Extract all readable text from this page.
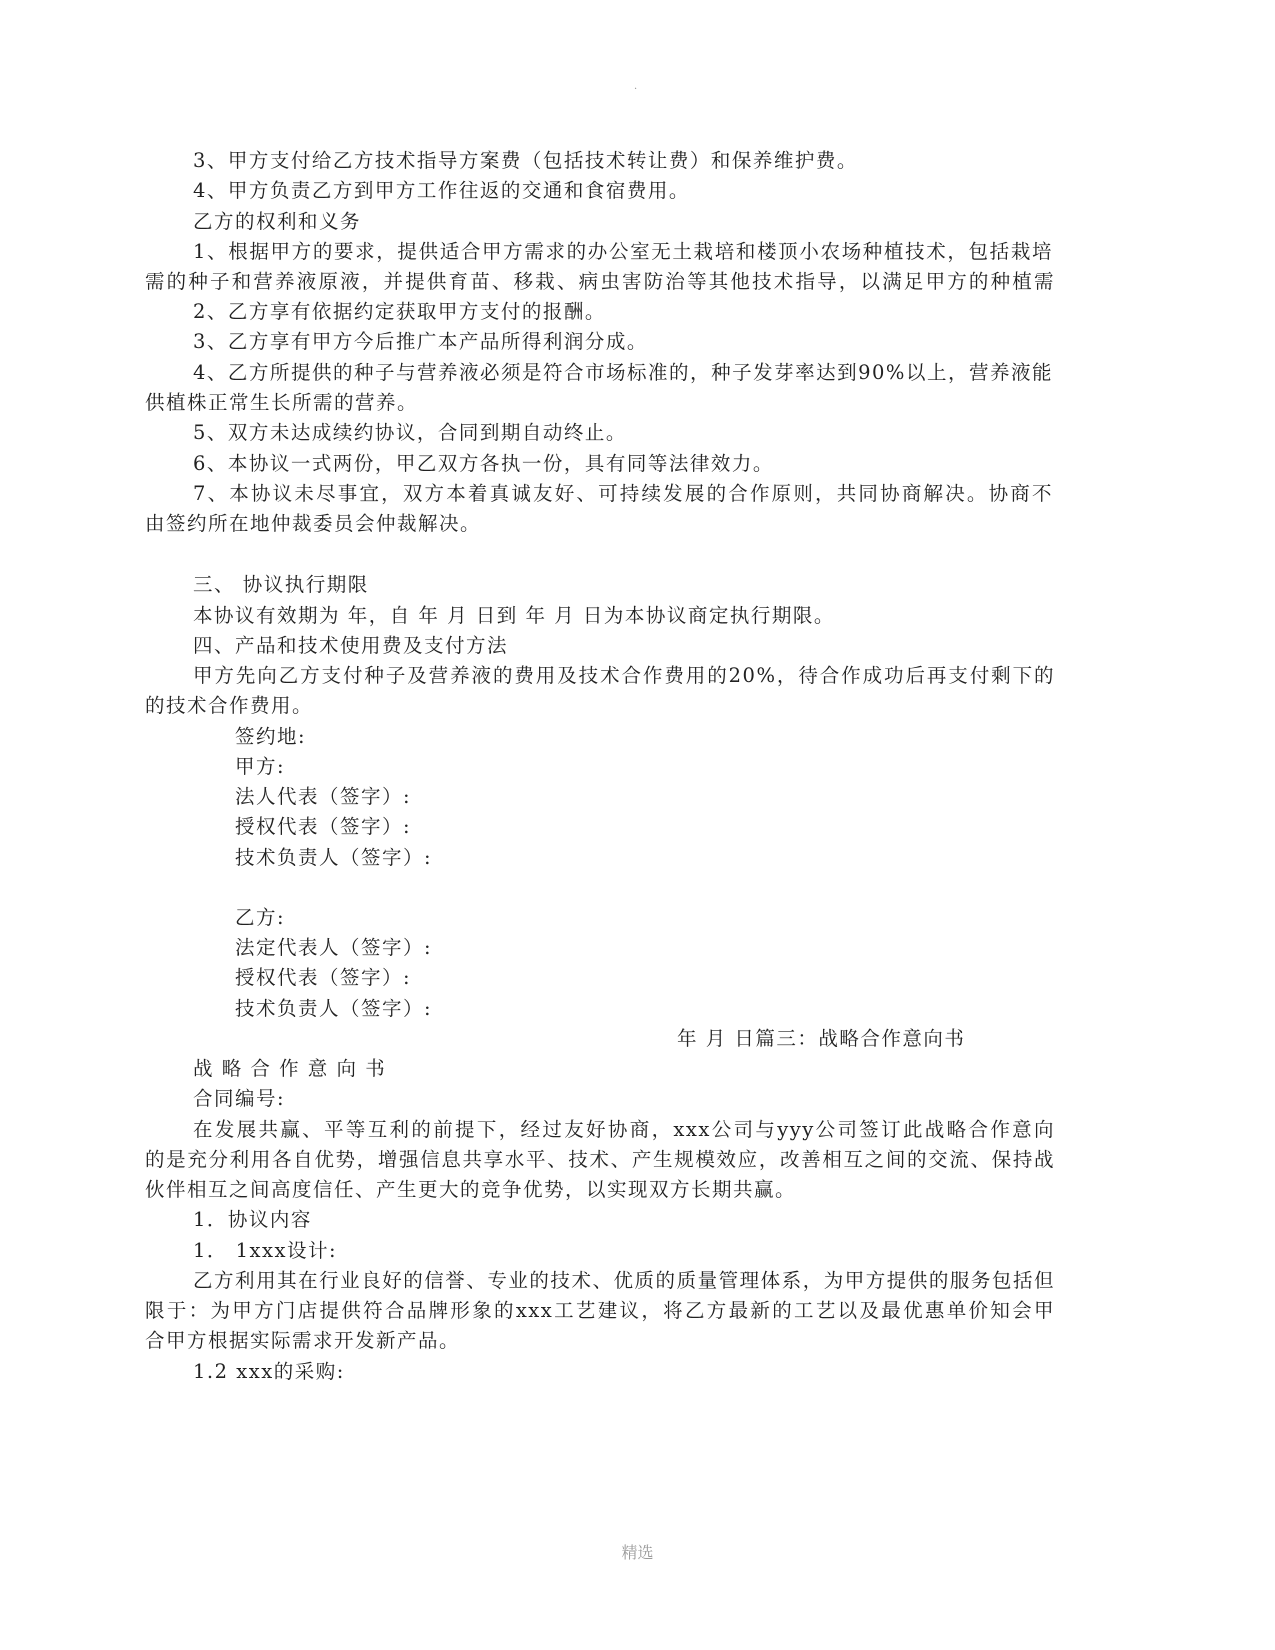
·
3、甲方支付给乙方技术指导方案费（包括技术转让费）和保养维护费。
4、甲方负责乙方到甲方工作往返的交通和食宿费用。
乙方的权利和义务
1、根据甲方的要求，提供适合甲方需求的办公室无土栽培和楼顶小农场种植技术，包括栽培
需的种子和营养液原液，并提供育苗、移栽、病虫害防治等其他技术指导，以满足甲方的种植需
2、乙方享有依据约定获取甲方支付的报酬。
3、乙方享有甲方今后推广本产品所得利润分成。
4、乙方所提供的种子与营养液必须是符合市场标准的，种子发芽率达到90%以上，营养液能
供植株正常生长所需的营养。
5、双方未达成续约协议，合同到期自动终止。
6、本协议一式两份，甲乙双方各执一份，具有同等法律效力。
7、本协议未尽事宜，双方本着真诚友好、可持续发展的合作原则，共同协商解决。协商不
由签约所在地仲裁委员会仲裁解决。
三、 协议执行期限
本协议有效期为 年，自 年 月 日到 年 月 日为本协议商定执行期限。
四、产品和技术使用费及支付方法
甲方先向乙方支付种子及营养液的费用及技术合作费用的20%，待合作成功后再支付剩下的
的技术合作费用。
签约地:
甲方:
法人代表（签字）:
授权代表（签字）:
技术负责人（签字）:
乙方:
法定代表人（签字）:
授权代表（签字）:
技术负责人（签字）:
年 月 日篇三：战略合作意向书
战 略 合 作 意 向 书
合同编号:
在发展共赢、平等互利的前提下，经过友好协商，xxx公司与yyy公司签订此战略合作意向
的是充分利用各自优势，增强信息共享水平、技术、产生规模效应，改善相互之间的交流、保持战
伙伴相互之间高度信任、产生更大的竞争优势，以实现双方长期共赢。
1．协议内容
1． 1xxx设计:
乙方利用其在行业良好的信誉、专业的技术、优质的质量管理体系，为甲方提供的服务包括但
限于：为甲方门店提供符合品牌形象的xxx工艺建议，将乙方最新的工艺以及最优惠单价知会甲
合甲方根据实际需求开发新产品。
1.2 xxx的采购:
精选
